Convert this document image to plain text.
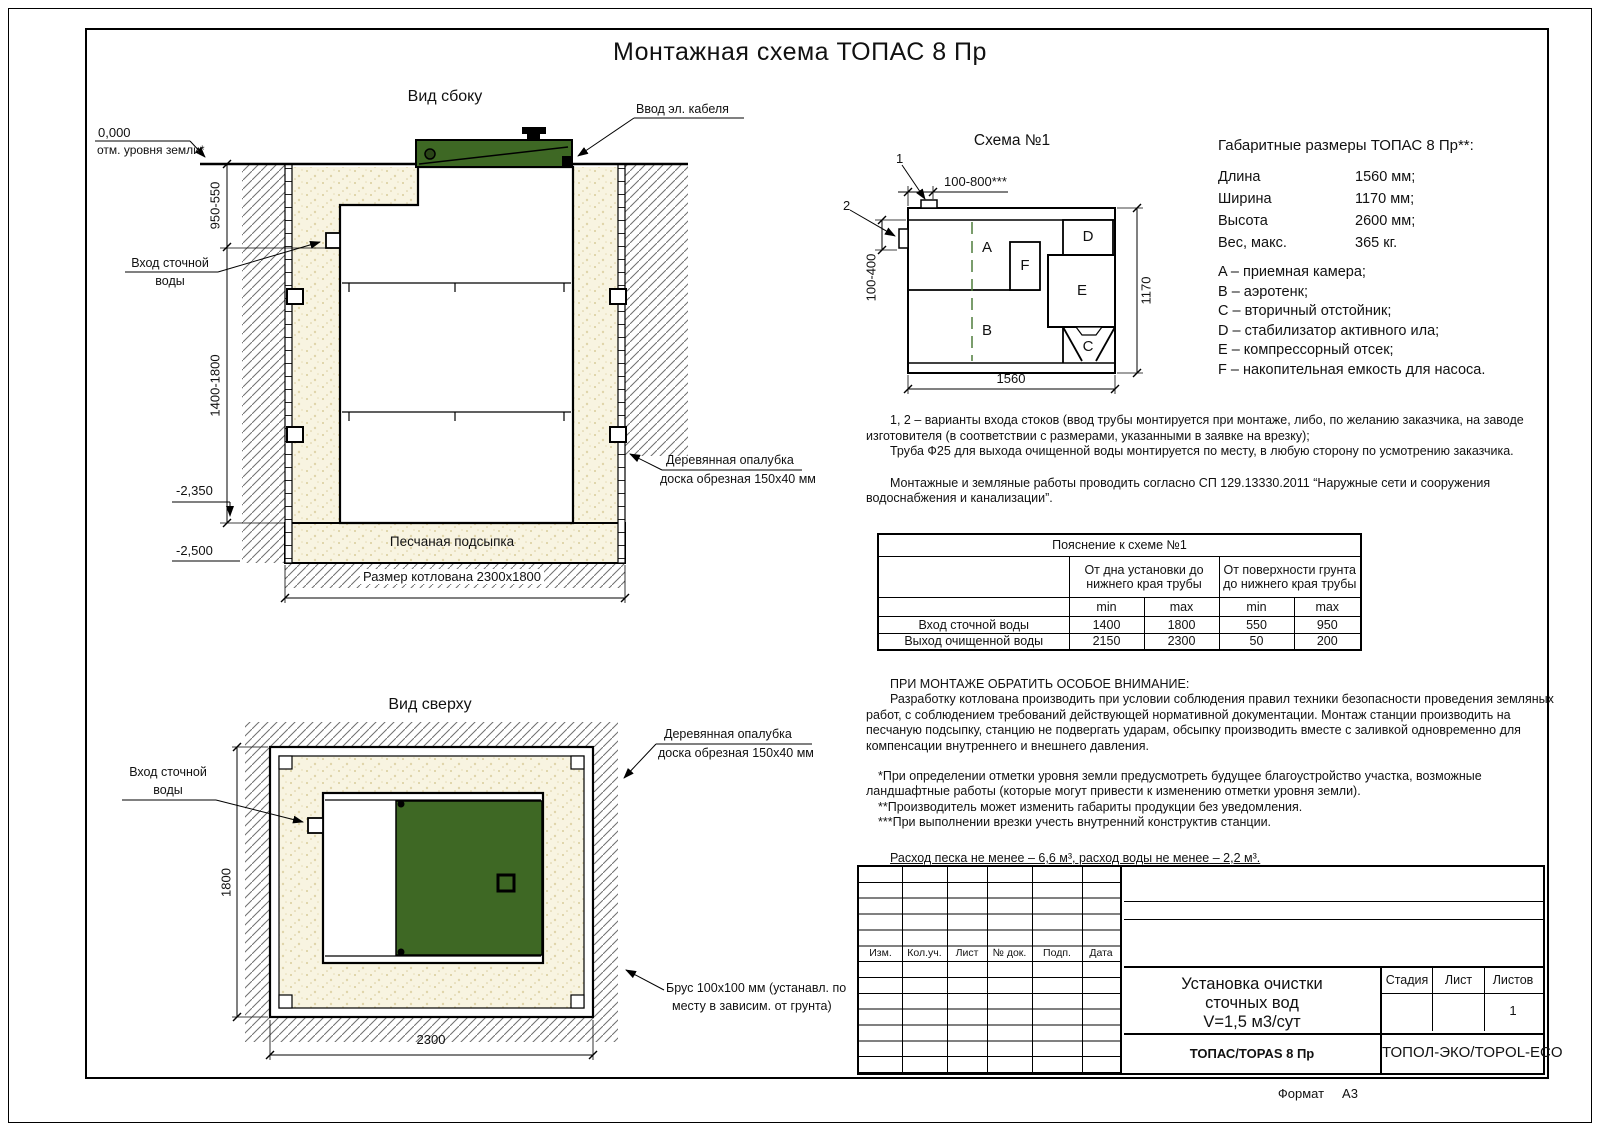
Монтажная схема ТОПАС 8 Пр
Вид сбоку
Ввод эл. кабеля
0,000
отм. уровня земли*
950-550
1400-1800
-2,350
-2,500
Вход сточной
воды
Песчаная подсыпка
Размер котлована 2300х1800
Деревянная опалубка
доска обрезная 150х40 мм
Вид сверху
Вход сточной
воды
Деревянная опалубка
доска обрезная 150х40 мм
Брус 100х100 мм (устанавл. по
месту в зависим. от грунта)
1800
2300
Схема №1
1
2
100-800***
100-400	1170
1560
A
B
C
D
E
F
Габаритные размеры ТОПАС 8 Пр**:
Длина	1560 мм;
Ширина	1170 мм;
Высота	2600 мм;
Вес, макс.	365 кг.
A – приемная камера;
B – аэротенк;
C – вторичный отстойник;
D – стабилизатор активного ила;
E – компрессорный отсек;
F – накопительная емкость для насоса.

1, 2 – варианты входа стоков (ввод трубы монтируется при монтаже, либо, по желанию заказчика, на заводе изготовителя (в соответствии с размерами, указанными в заявке на врезку);

Труба Ф25 для выхода очищенной воды монтируется по месту, в любую сторону по усмотрению заказчика.

Монтажные и земляные работы проводить согласно СП 129.13330.2011 “Наружные сети и сооружения водоснабжения и канализации”.

Пояснение к схеме №1				
	От дна установки до нижнего края трубы		От поверхности грунта до нижнего края трубы	
	min	max	min	max
Вход сточной воды	1400	1800	550	950
Выход очищенной воды	2150	2300	50	200

ПРИ МОНТАЖЕ ОБРАТИТЬ ОСОБОЕ ВНИМАНИЕ:

Разработку котлована производить при условии соблюдения правил техники безопасности проведения земляных работ, с соблюдением требований действующей нормативной документации. Монтаж станции производить на песчаную подсыпку, станцию не подвергать ударам, обсыпку производить вместе с заливкой одновременно для компенсации внутреннего и внешнего давления.

*При определении отметки уровня земли предусмотреть будущее благоустройство участка, возможные ландшафтные работы (которые могут привести к изменению отметки уровня земли).

**Производитель может изменить габариты продукции без уведомления.

***При выполнении врезки учесть внутренний конструктив станции.

Расход песка не менее – 6,6 м³, расход воды не менее – 2,2 м³.
Изм.	Кол.уч.	Лист	№ док.	Подп.	Дата
Установка очистки
сточных вод
V=1,5 м3/сут
Стадия	Лист	Листов
1
ТОПАС/TOPAS 8 Пр	ТОПОЛ-ЭКО/TOPOL-ECO
Формат	А3
